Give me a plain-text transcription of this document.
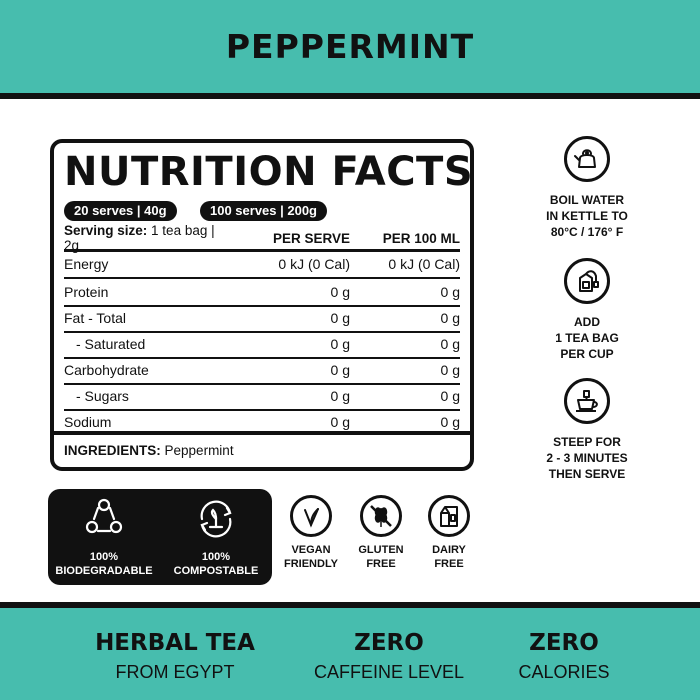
PEPPERMINT
NUTRITION FACTS
20 serves | 40g	100 serves | 200g
Serving size: 1 tea bag | 2g	PER SERVE	PER 100 ML
Energy	0 kJ (0 Cal)	0 kJ (0 Cal)
Protein	0 g	0 g
Fat - Total	0 g	0 g
- Saturated	0 g	0 g
Carbohydrate	0 g	0 g
- Sugars	0 g	0 g
Sodium	0 g	0 g
INGREDIENTS: Peppermint
100%
BIODEGRADABLE
100%
COMPOSTABLE
VEGAN
FRIENDLY
GLUTEN
FREE
DAIRY
FREE
BOIL WATER
IN KETTLE TO
80°C / 176° F
ADD
1 TEA BAG
PER CUP
STEEP FOR
2 - 3 MINUTES
THEN SERVE
HERBAL TEA
FROM EGYPT
ZERO
CAFFEINE LEVEL
ZERO
CALORIES
